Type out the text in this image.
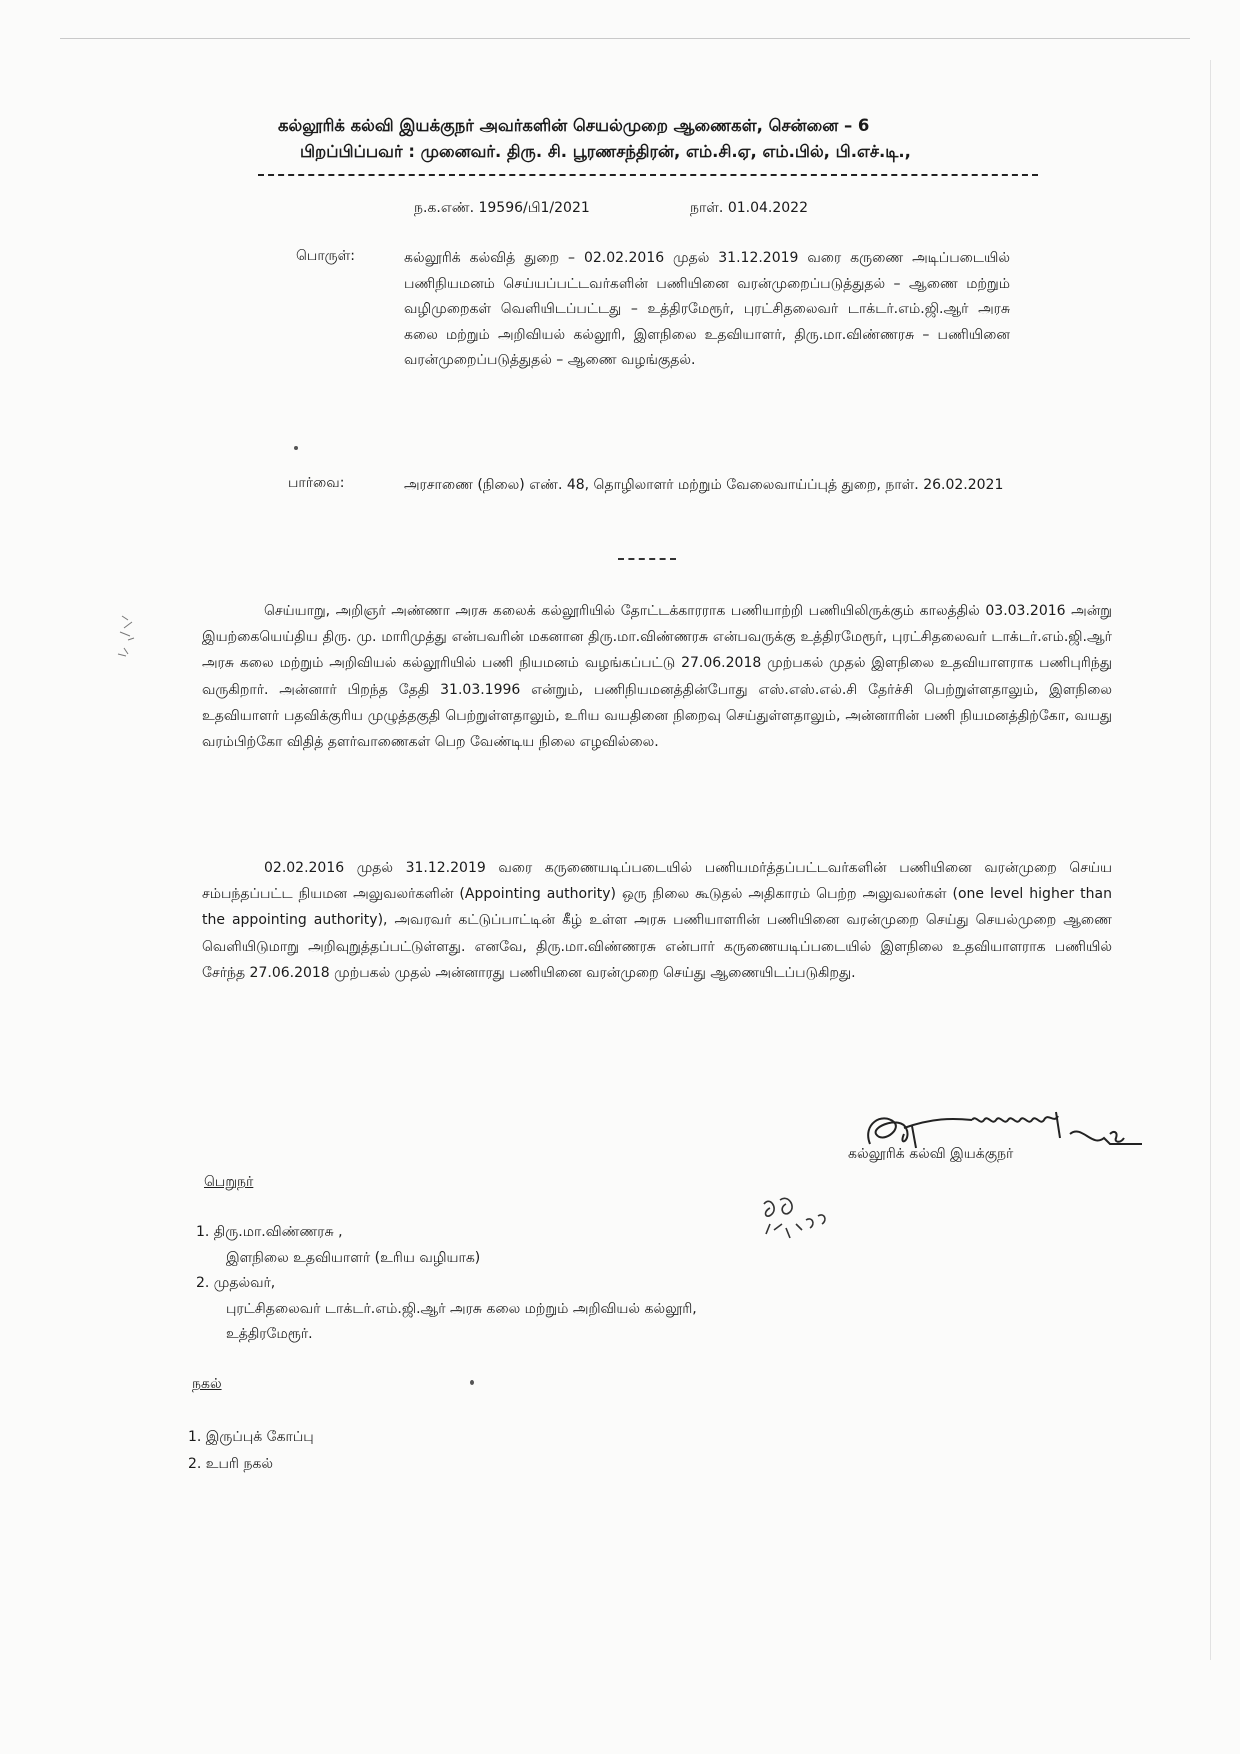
கல்லூரிக் கல்வி இயக்குநர் அவர்களின் செயல்முறை ஆணைகள், சென்னை – 6
பிறப்பிப்பவர் : முனைவர். திரு. சி. பூரணசந்திரன், எம்.சி.ஏ, எம்.பில், பி.எச்.டி.,
ந.க.எண். 19596/பி1/2021	நாள். 01.04.2022
பொருள்:	கல்லூரிக் கல்வித் துறை – 02.02.2016 முதல் 31.12.2019 வரை கருணை அடிப்படையில் பணிநியமனம் செய்யப்பட்டவர்களின் பணியினை வரன்முறைப்படுத்துதல் – ஆணை மற்றும் வழிமுறைகள் வெளியிடப்பட்டது – உத்திரமேரூர், புரட்சிதலைவர் டாக்டர்.எம்.ஜி.ஆர் அரசு கலை மற்றும் அறிவியல் கல்லூரி, இளநிலை உதவியாளர், திரு.மா.விண்ணரசு – பணியினை வரன்முறைப்படுத்துதல் – ஆணை வழங்குதல்.
பார்வை:	அரசாணை (நிலை) எண். 48, தொழிலாளர் மற்றும் வேலைவாய்ப்புத் துறை, நாள். 26.02.2021
செய்யாறு, அறிஞர் அண்ணா அரசு கலைக் கல்லூரியில் தோட்டக்காரராக பணியாற்றி பணியிலிருக்கும் காலத்தில் 03.03.2016 அன்று இயற்கையெய்திய திரு. மு. மாரிமுத்து என்பவரின் மகனான திரு.மா.விண்ணரசு என்பவருக்கு உத்திரமேரூர், புரட்சிதலைவர் டாக்டர்.எம்.ஜி.ஆர் அரசு கலை மற்றும் அறிவியல் கல்லூரியில் பணி நியமனம் வழங்கப்பட்டு 27.06.2018 முற்பகல் முதல் இளநிலை உதவியாளராக பணிபுரிந்து வருகிறார். அன்னார் பிறந்த தேதி 31.03.1996 என்றும், பணிநியமனத்தின்போது எஸ்.எஸ்.எல்.சி தேர்ச்சி பெற்றுள்ளதாலும், இளநிலை உதவியாளர் பதவிக்குரிய முழுத்தகுதி பெற்றுள்ளதாலும், உரிய வயதினை நிறைவு செய்துள்ளதாலும், அன்னாரின் பணி நியமனத்திற்கோ, வயது வரம்பிற்கோ விதித் தளர்வாணைகள் பெற வேண்டிய நிலை எழவில்லை.
02.02.2016 முதல் 31.12.2019 வரை கருணையடிப்படையில் பணியமர்த்தப்பட்டவர்களின் பணியினை வரன்முறை செய்ய சம்பந்தப்பட்ட நியமன அலுவலர்களின் (Appointing authority) ஒரு நிலை கூடுதல் அதிகாரம் பெற்ற அலுவலர்கள் (one level higher than the appointing authority), அவரவர் கட்டுப்பாட்டின் கீழ் உள்ள அரசு பணியாளரின் பணியினை வரன்முறை செய்து செயல்முறை ஆணை வெளியிடுமாறு அறிவுறுத்தப்பட்டுள்ளது. எனவே, திரு.மா.விண்ணரசு என்பார் கருணையடிப்படையில் இளநிலை உதவியாளராக பணியில் சேர்ந்த 27.06.2018 முற்பகல் முதல் அன்னாரது பணியினை வரன்முறை செய்து ஆணையிடப்படுகிறது.
கல்லூரிக் கல்வி இயக்குநர்
பெறுநர்
1. திரு.மா.விண்ணரசு ,
இளநிலை உதவியாளர் (உரிய வழியாக)
2. முதல்வர்,
புரட்சிதலைவர் டாக்டர்.எம்.ஜி.ஆர் அரசு கலை மற்றும் அறிவியல் கல்லூரி,
உத்திரமேரூர்.
நகல்
1. இருப்புக் கோப்பு
2. உபரி நகல்
